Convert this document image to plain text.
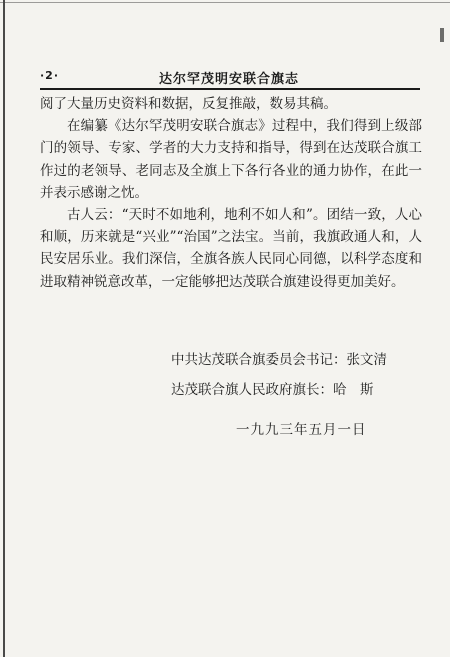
·2·	达尔罕茂明安联合旗志

阅了大量历史资料和数据，反复推敲，数易其稿。

在编纂《达尔罕茂明安联合旗志》过程中，我们得到上级部门的领导、专家、学者的大力支持和指导，得到在达茂联合旗工作过的老领导、老同志及全旗上下各行各业的通力协作，在此一并表示感谢之忱。

古人云：“天时不如地利，地利不如人和”。团结一致，人心和顺，历来就是“兴业”“治国”之法宝。当前，我旗政通人和，人民安居乐业。我们深信，全旗各族人民同心同德，以科学态度和进取精神锐意改革，一定能够把达茂联合旗建设得更加美好。

中共达茂联合旗委员会书记：张文清
达茂联合旗人民政府旗长：哈　斯
一九九三年五月一日
